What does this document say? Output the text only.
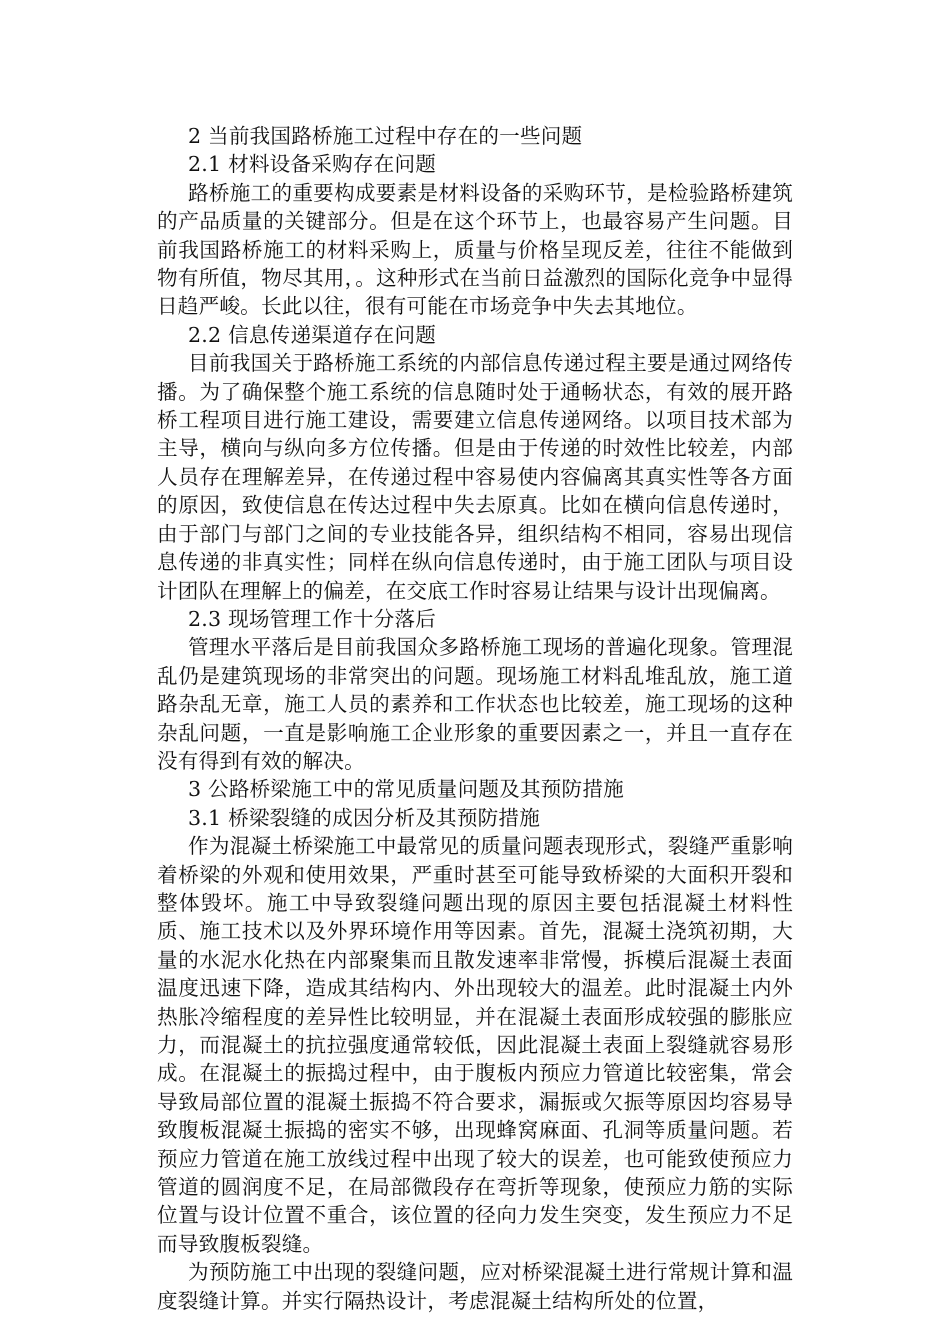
2 当前我国路桥施工过程中存在的一些问题

2.1 材料设备采购存在问题

路桥施工的重要构成要素是材料设备的采购环节，是检验路桥建筑的产品质量的关键部分。但是在这个环节上，也最容易产生问题。目前我国路桥施工的材料采购上，质量与价格呈现反差，往往不能做到物有所值，物尽其用，。这种形式在当前日益激烈的国际化竞争中显得日趋严峻。长此以往，很有可能在市场竞争中失去其地位。

2.2 信息传递渠道存在问题

目前我国关于路桥施工系统的内部信息传递过程主要是通过网络传播。为了确保整个施工系统的信息随时处于通畅状态，有效的展开路桥工程项目进行施工建设，需要建立信息传递网络。以项目技术部为主导，横向与纵向多方位传播。但是由于传递的时效性比较差，内部人员存在理解差异，在传递过程中容易使内容偏离其真实性等各方面的原因，致使信息在传达过程中失去原真。比如在横向信息传递时，由于部门与部门之间的专业技能各异，组织结构不相同，容易出现信息传递的非真实性；同样在纵向信息传递时，由于施工团队与项目设计团队在理解上的偏差，在交底工作时容易让结果与设计出现偏离。

2.3 现场管理工作十分落后

管理水平落后是目前我国众多路桥施工现场的普遍化现象。管理混乱仍是建筑现场的非常突出的问题。现场施工材料乱堆乱放，施工道路杂乱无章，施工人员的素养和工作状态也比较差，施工现场的这种杂乱问题，一直是影响施工企业形象的重要因素之一，并且一直存在没有得到有效的解决。

3 公路桥梁施工中的常见质量问题及其预防措施

3.1 桥梁裂缝的成因分析及其预防措施

作为混凝土桥梁施工中最常见的质量问题表现形式，裂缝严重影响着桥梁的外观和使用效果，严重时甚至可能导致桥梁的大面积开裂和整体毁坏。施工中导致裂缝问题出现的原因主要包括混凝土材料性质、施工技术以及外界环境作用等因素。首先，混凝土浇筑初期，大量的水泥水化热在内部聚集而且散发速率非常慢，拆模后混凝土表面温度迅速下降，造成其结构内、外出现较大的温差。此时混凝土内外热胀冷缩程度的差异性比较明显，并在混凝土表面形成较强的膨胀应力，而混凝土的抗拉强度通常较低，因此混凝土表面上裂缝就容易形成。在混凝土的振捣过程中，由于腹板内预应力管道比较密集，常会导致局部位置的混凝土振捣不符合要求，漏振或欠振等原因均容易导致腹板混凝土振捣的密实不够，出现蜂窝麻面、孔洞等质量问题。若预应力管道在施工放线过程中出现了较大的误差，也可能致使预应力管道的圆润度不足，在局部微段存在弯折等现象，使预应力筋的实际位置与设计位置不重合，该位置的径向力发生突变，发生预应力不足而导致腹板裂缝。

为预防施工中出现的裂缝问题，应对桥梁混凝土进行常规计算和温度裂缝计算。并实行隔热设计，考虑混凝土结构所处的位置，
